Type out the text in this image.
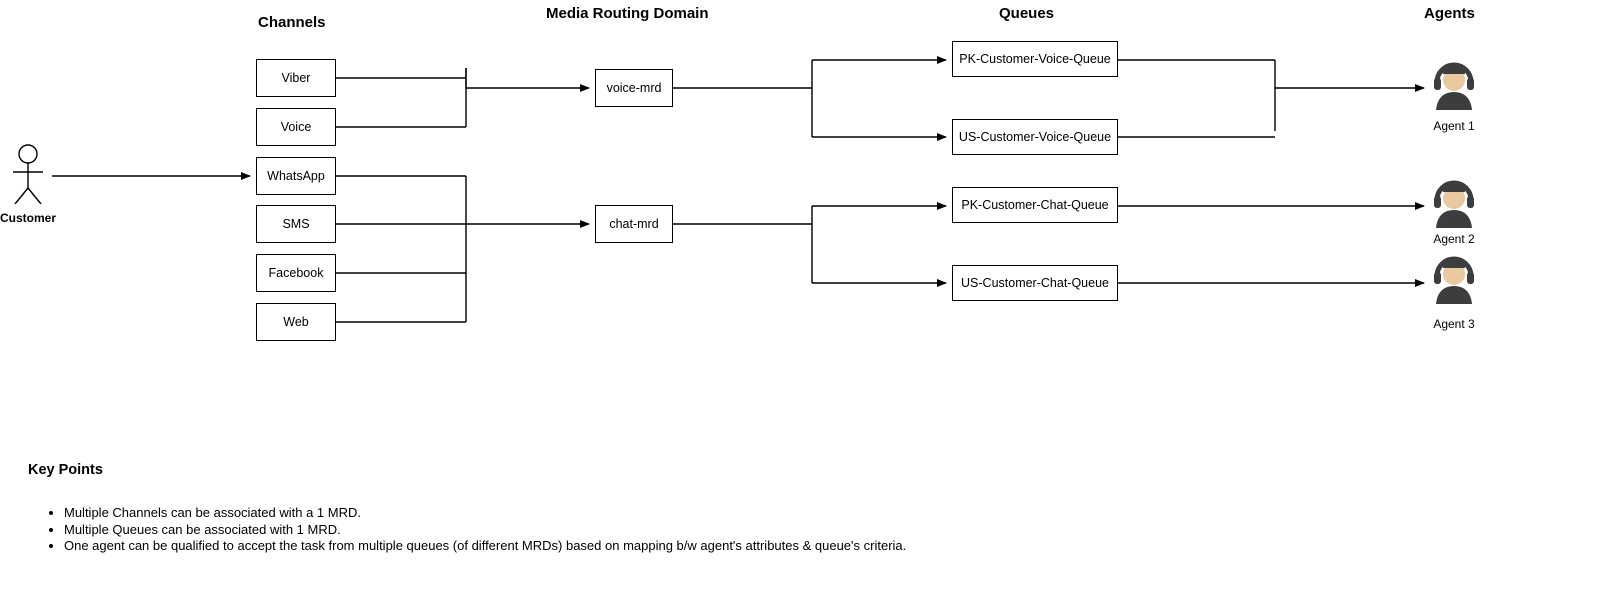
Channels
Media Routing Domain	Queues	Agents
Customer
Viber
Voice
WhatsApp
SMS
Facebook
Web
voice-mrd
chat-mrd
PK-Customer-Voice-Queue
US-Customer-Voice-Queue
PK-Customer-Chat-Queue
US-Customer-Chat-Queue
Agent 1
Agent 2
Agent 3
Key Points
• Multiple Channels can be associated with a 1 MRD.
• Multiple Queues can be associated with 1 MRD.
• One agent can be qualified to accept the task from multiple queues (of different MRDs) based on mapping b/w agent's attributes & queue's criteria.
